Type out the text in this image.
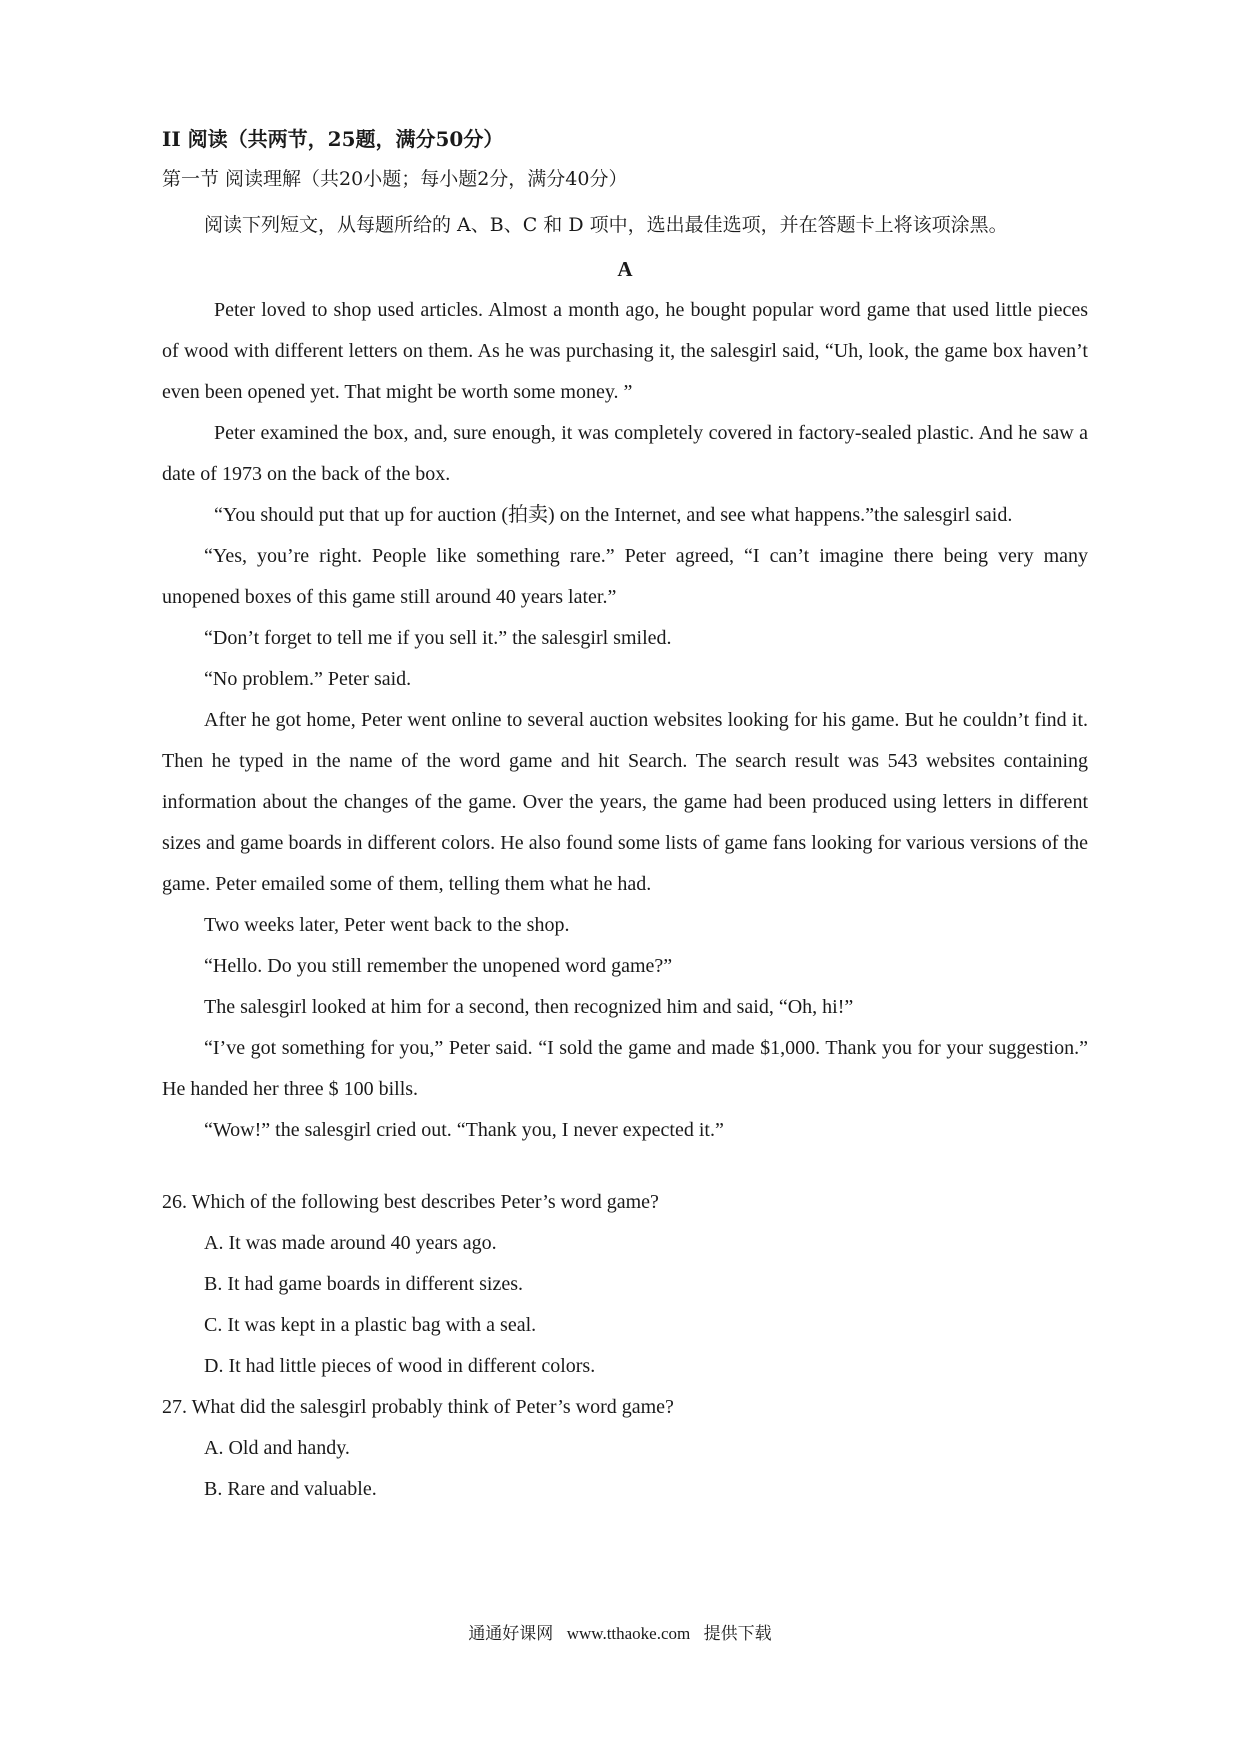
II 阅读（共两节，25题，满分50分）
第一节 阅读理解（共20小题；每小题2分，满分40分）

阅读下列短文，从每题所给的 A、B、C 和 D 项中，选出最佳选项，并在答题卡上将该项涂黑。

A

Peter loved to shop used articles. Almost a month ago, he bought popular word game that used little pieces of wood with different letters on them. As he was purchasing it, the salesgirl said, “Uh, look, the game box haven’t even been opened yet. That might be worth some money. ”

Peter examined the box, and, sure enough, it was completely covered in factory-sealed plastic. And he saw a date of 1973 on the back of the box.

“You should put that up for auction (拍卖) on the Internet, and see what happens.”the salesgirl said.

“Yes, you’re right. People like something rare.” Peter agreed, “I can’t imagine there being very many unopened boxes of this game still around 40 years later.”

“Don’t forget to tell me if you sell it.” the salesgirl smiled.

“No problem.” Peter said.

After he got home, Peter went online to several auction websites looking for his game. But he couldn’t find it. Then he typed in the name of the word game and hit Search. The search result was 543 websites containing information about the changes of the game. Over the years, the game had been produced using letters in different sizes and game boards in different colors. He also found some lists of game fans looking for various versions of the game. Peter emailed some of them, telling them what he had.

Two weeks later, Peter went back to the shop.

“Hello. Do you still remember the unopened word game?”

The salesgirl looked at him for a second, then recognized him and said, “Oh, hi!”

“I’ve got something for you,” Peter said. “I sold the game and made $1,000. Thank you for your suggestion.” He handed her three $ 100 bills.

“Wow!” the salesgirl cried out. “Thank you, I never expected it.”

26. Which of the following best describes Peter’s word game?

A. It was made around 40 years ago.

B. It had game boards in different sizes.

C. It was kept in a plastic bag with a seal.

D. It had little pieces of wood in different colors.

27. What did the salesgirl probably think of Peter’s word game?

A. Old and handy.

B. Rare and valuable.

通通好课网 www.tthaoke.com 提供下载
